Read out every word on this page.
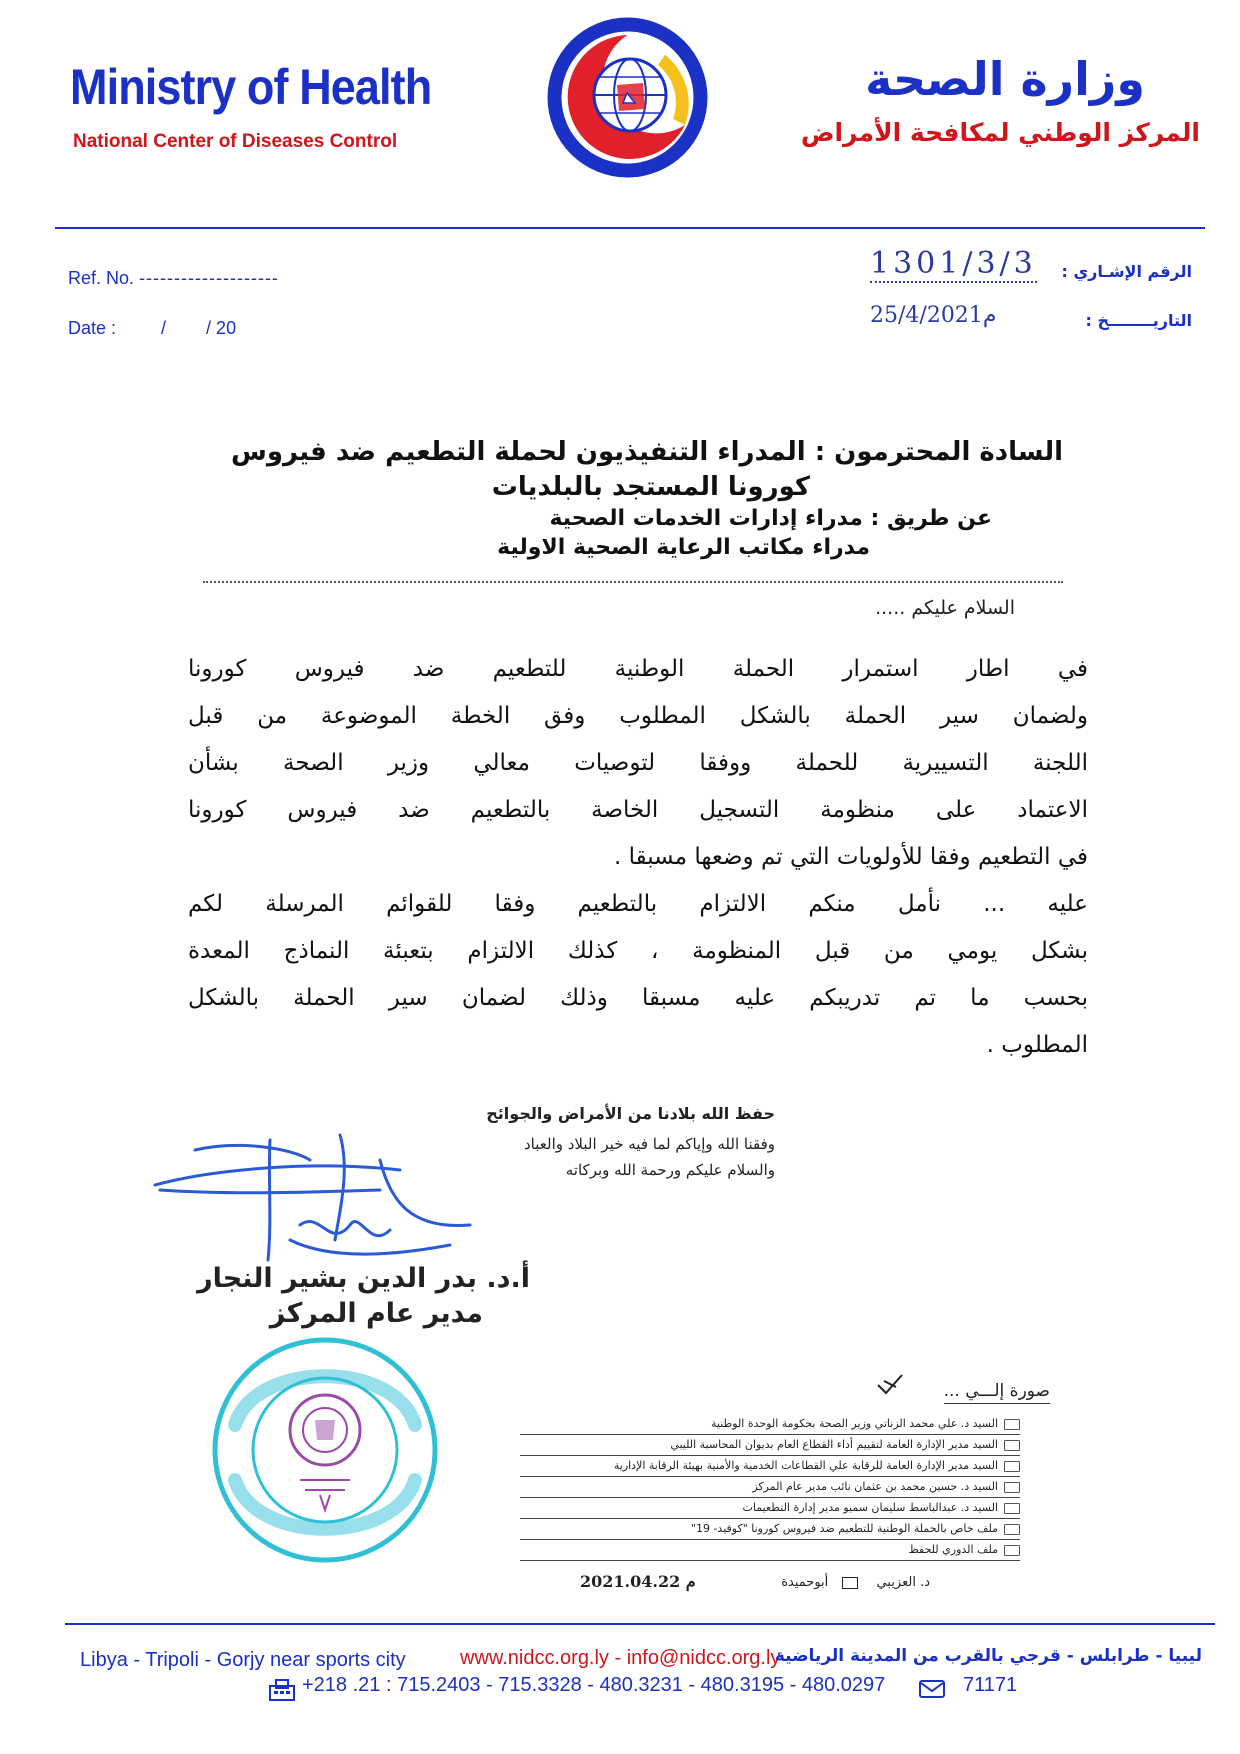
Ministry of Health
National Center of Diseases Control
وزارة الصحة
المركز الوطني لمكافحة الأمراض
Ref. No. --------------------
Date :	/        / 20
الرقم الإشـاري :
1301/3/3
التاريــــــــخ :
25/4/2021م
السادة المحترمون : المدراء التنفيذيون لحملة التطعيم ضد فيروس
كورونا المستجد بالبلديات
عن طريق : مدراء إدارات الخدمات الصحية
مدراء مكاتب الرعاية الصحية الاولية
السلام عليكم .....
في اطار استمرار الحملة الوطنية للتطعيم ضد فيروس كورونا
ولضمان سير الحملة بالشكل المطلوب وفق الخطة الموضوعة من قبل
اللجنة التسييرية للحملة ووفقا لتوصيات معالي وزير الصحة بشأن
الاعتماد على منظومة التسجيل الخاصة بالتطعيم ضد فيروس كورونا
في التطعيم وفقا للأولويات التي تم وضعها مسبقا .
عليه ... نأمل منكم الالتزام بالتطعيم وفقا للقوائم المرسلة لكم
بشكل يومي من قبل المنظومة ، كذلك الالتزام بتعبئة النماذج المعدة
بحسب ما تم تدريبكم عليه مسبقا وذلك لضمان سير الحملة بالشكل
المطلوب .
حفظ الله بلادنا من الأمراض والجوائح
وفقنا الله وإياكم لما فيه خير البلاد والعباد
والسلام عليكم ورحمة الله وبركاته
أ.د. بدر الدين بشير النجار
مدير عام المركز
صورة إلـــي ...
السيد د. علي محمد الزناتي وزير الصحة بحكومة الوحدة الوطنية
السيد مدير الإدارة العامة لتقييم أداء القطاع العام بديوان المحاسبة الليبي
السيد مدير الإدارة العامة للرقابة علي القطاعات الخدمية والأمنية بهيئة الرقابة الإدارية
السيد د. حسين محمد بن عثمان نائب مدير عام المركز
السيد د. عبدالباسط سليمان سميو مدير إدارة التطعيمات
ملف خاص بالحملة الوطنية للتطعيم ضد فيروس كورونا "كوفيد- 19"
ملف الدوري للحفظ
د. العزيبي  أبوحميدة
2021.04.22 م
Libya - Tripoli - Gorjy near sports city	www.nidcc.org.ly - info@nidcc.org.ly
ليبيا - طرابلس - قرجي بالقرب من المدينة الرياضية
+218 .21 : 715.2403 - 715.3328 - 480.3231 - 480.3195 - 480.0297	71171
